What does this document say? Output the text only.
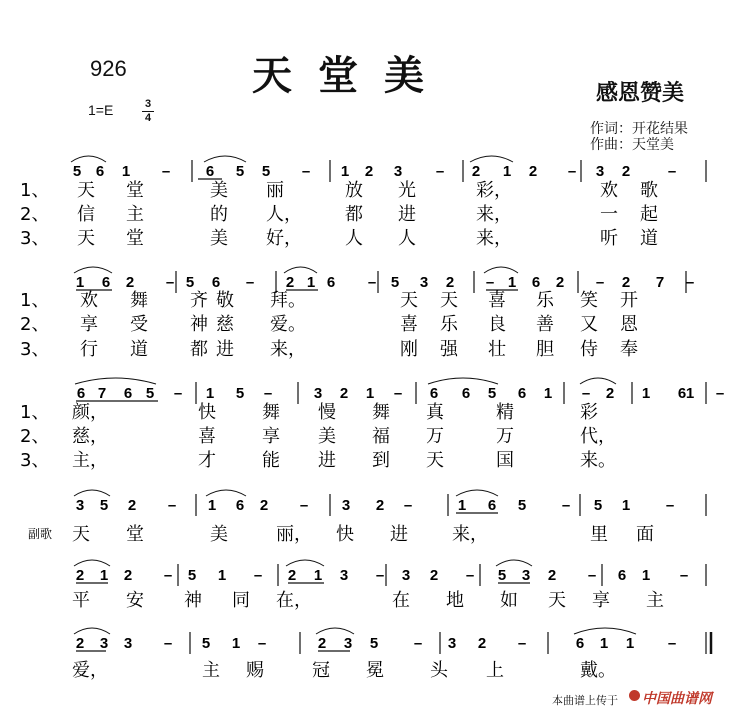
926	天堂美	感恩赞美
1=E	3
4
作词：开花结果
作曲：天堂美
5 6 1 – 6 5 5 – 1 2 3 – 2 1 2 – 3 2	–
1、 天 堂	美 丽	放 光	彩，	欢 歌
2、 信 主	的 人， 都 进	来，	一 起
3、 天 堂	美 好， 人 人	来，	听 道
1 6 2 – 5 6 – 2 1 6 – 5 3 2 – 1 6 2 – 2 7 –
1、 欢 舞 齐 敬 拜。	天 天 喜 乐 笑 开
2、 享 受 神 慈 爱。	喜 乐 良 善 又 恩
3、 行 道 都 进 来，	刚 强 壮 胆 侍 奉
6 7 6 5 – 1 5 –	3 2 1 – 6 6 5 6 1 – 2 1 6 1 –
1、 颜，	快	舞 慢 舞 真	精	彩
2、 慈，	喜	享 美 福 万	万	代，
3、 主，	才	能 进 到 天	国	来。
3 5 2 – 1 6 2 – 3 2 –	1 6 5 – 5 1 –
副歌 天 堂	美	丽， 快 进 来，	里 面
2 1 2 – 5 1 – 2 1 3 – 3 2 – 5 3 2 – 6 1 –
平 安 神 同 在，	在 地 如 天 享 主
2 3 3 – 5 1 –	2 3 5 – 3 2 –	6 1 1 –
爱，	主 赐	冠 冕	头 上	戴。
本曲谱上传于 中国曲谱网
